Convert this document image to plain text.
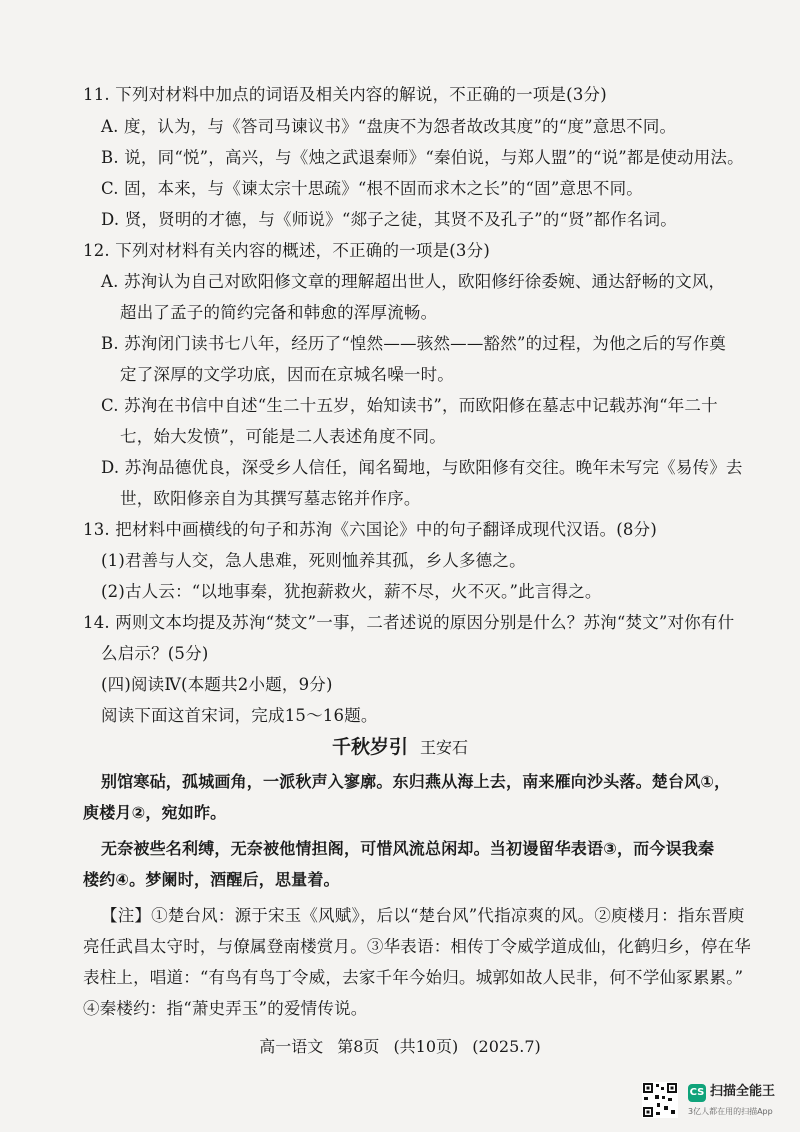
11. 下列对材料中加点的词语及相关内容的解说，不正确的一项是(3分)
A. 度，认为，与《答司马谏议书》“盘庚不为怨者故改其度”的“度”意思不同。
B. 说，同“悦”，高兴，与《烛之武退秦师》“秦伯说，与郑人盟”的“说”都是使动用法。
C. 固，本来，与《谏太宗十思疏》“根不固而求木之长”的“固”意思不同。
D. 贤，贤明的才德，与《师说》“郯子之徒，其贤不及孔子”的“贤”都作名词。
12. 下列对材料有关内容的概述，不正确的一项是(3分)
A. 苏洵认为自己对欧阳修文章的理解超出世人，欧阳修纡徐委婉、通达舒畅的文风，
超出了孟子的简约完备和韩愈的浑厚流畅。
B. 苏洵闭门读书七八年，经历了“惶然——骇然——豁然”的过程，为他之后的写作奠
定了深厚的文学功底，因而在京城名噪一时。
C. 苏洵在书信中自述“生二十五岁，始知读书”，而欧阳修在墓志中记载苏洵“年二十
七，始大发愤”，可能是二人表述角度不同。
D. 苏洵品德优良，深受乡人信任，闻名蜀地，与欧阳修有交往。晚年未写完《易传》去
世，欧阳修亲自为其撰写墓志铭并作序。
13. 把材料中画横线的句子和苏洵《六国论》中的句子翻译成现代汉语。(8分)
(1)君善与人交，急人患难，死则恤养其孤，乡人多德之。
(2)古人云：“以地事秦，犹抱薪救火，薪不尽，火不灭。”此言得之。
14. 两则文本均提及苏洵“焚文”一事，二者述说的原因分别是什么？苏洵“焚文”对你有什
么启示？(5分)
(四)阅读Ⅳ(本题共2小题，9分)
阅读下面这首宋词，完成15～16题。
千秋岁引 王安石
别馆寒砧，孤城画角，一派秋声入寥廓。东归燕从海上去，南来雁向沙头落。楚台风①，
庾楼月②，宛如昨。
无奈被些名利缚，无奈被他情担阁，可惜风流总闲却。当初谩留华表语③，而今误我秦
楼约④。梦阑时，酒醒后，思量着。
【注】①楚台风：源于宋玉《风赋》，后以“楚台风”代指凉爽的风。②庾楼月：指东晋庾
亮任武昌太守时，与僚属登南楼赏月。③华表语：相传丁令威学道成仙，化鹤归乡，停在华
表柱上，唱道：“有鸟有鸟丁令威，去家千年今始归。城郭如故人民非，何不学仙冢累累。”
④秦楼约：指“萧史弄玉”的爱情传说。
高一语文 第8页 (共10页) (2025.7)
CS 扫描全能王
3亿人都在用的扫描App
